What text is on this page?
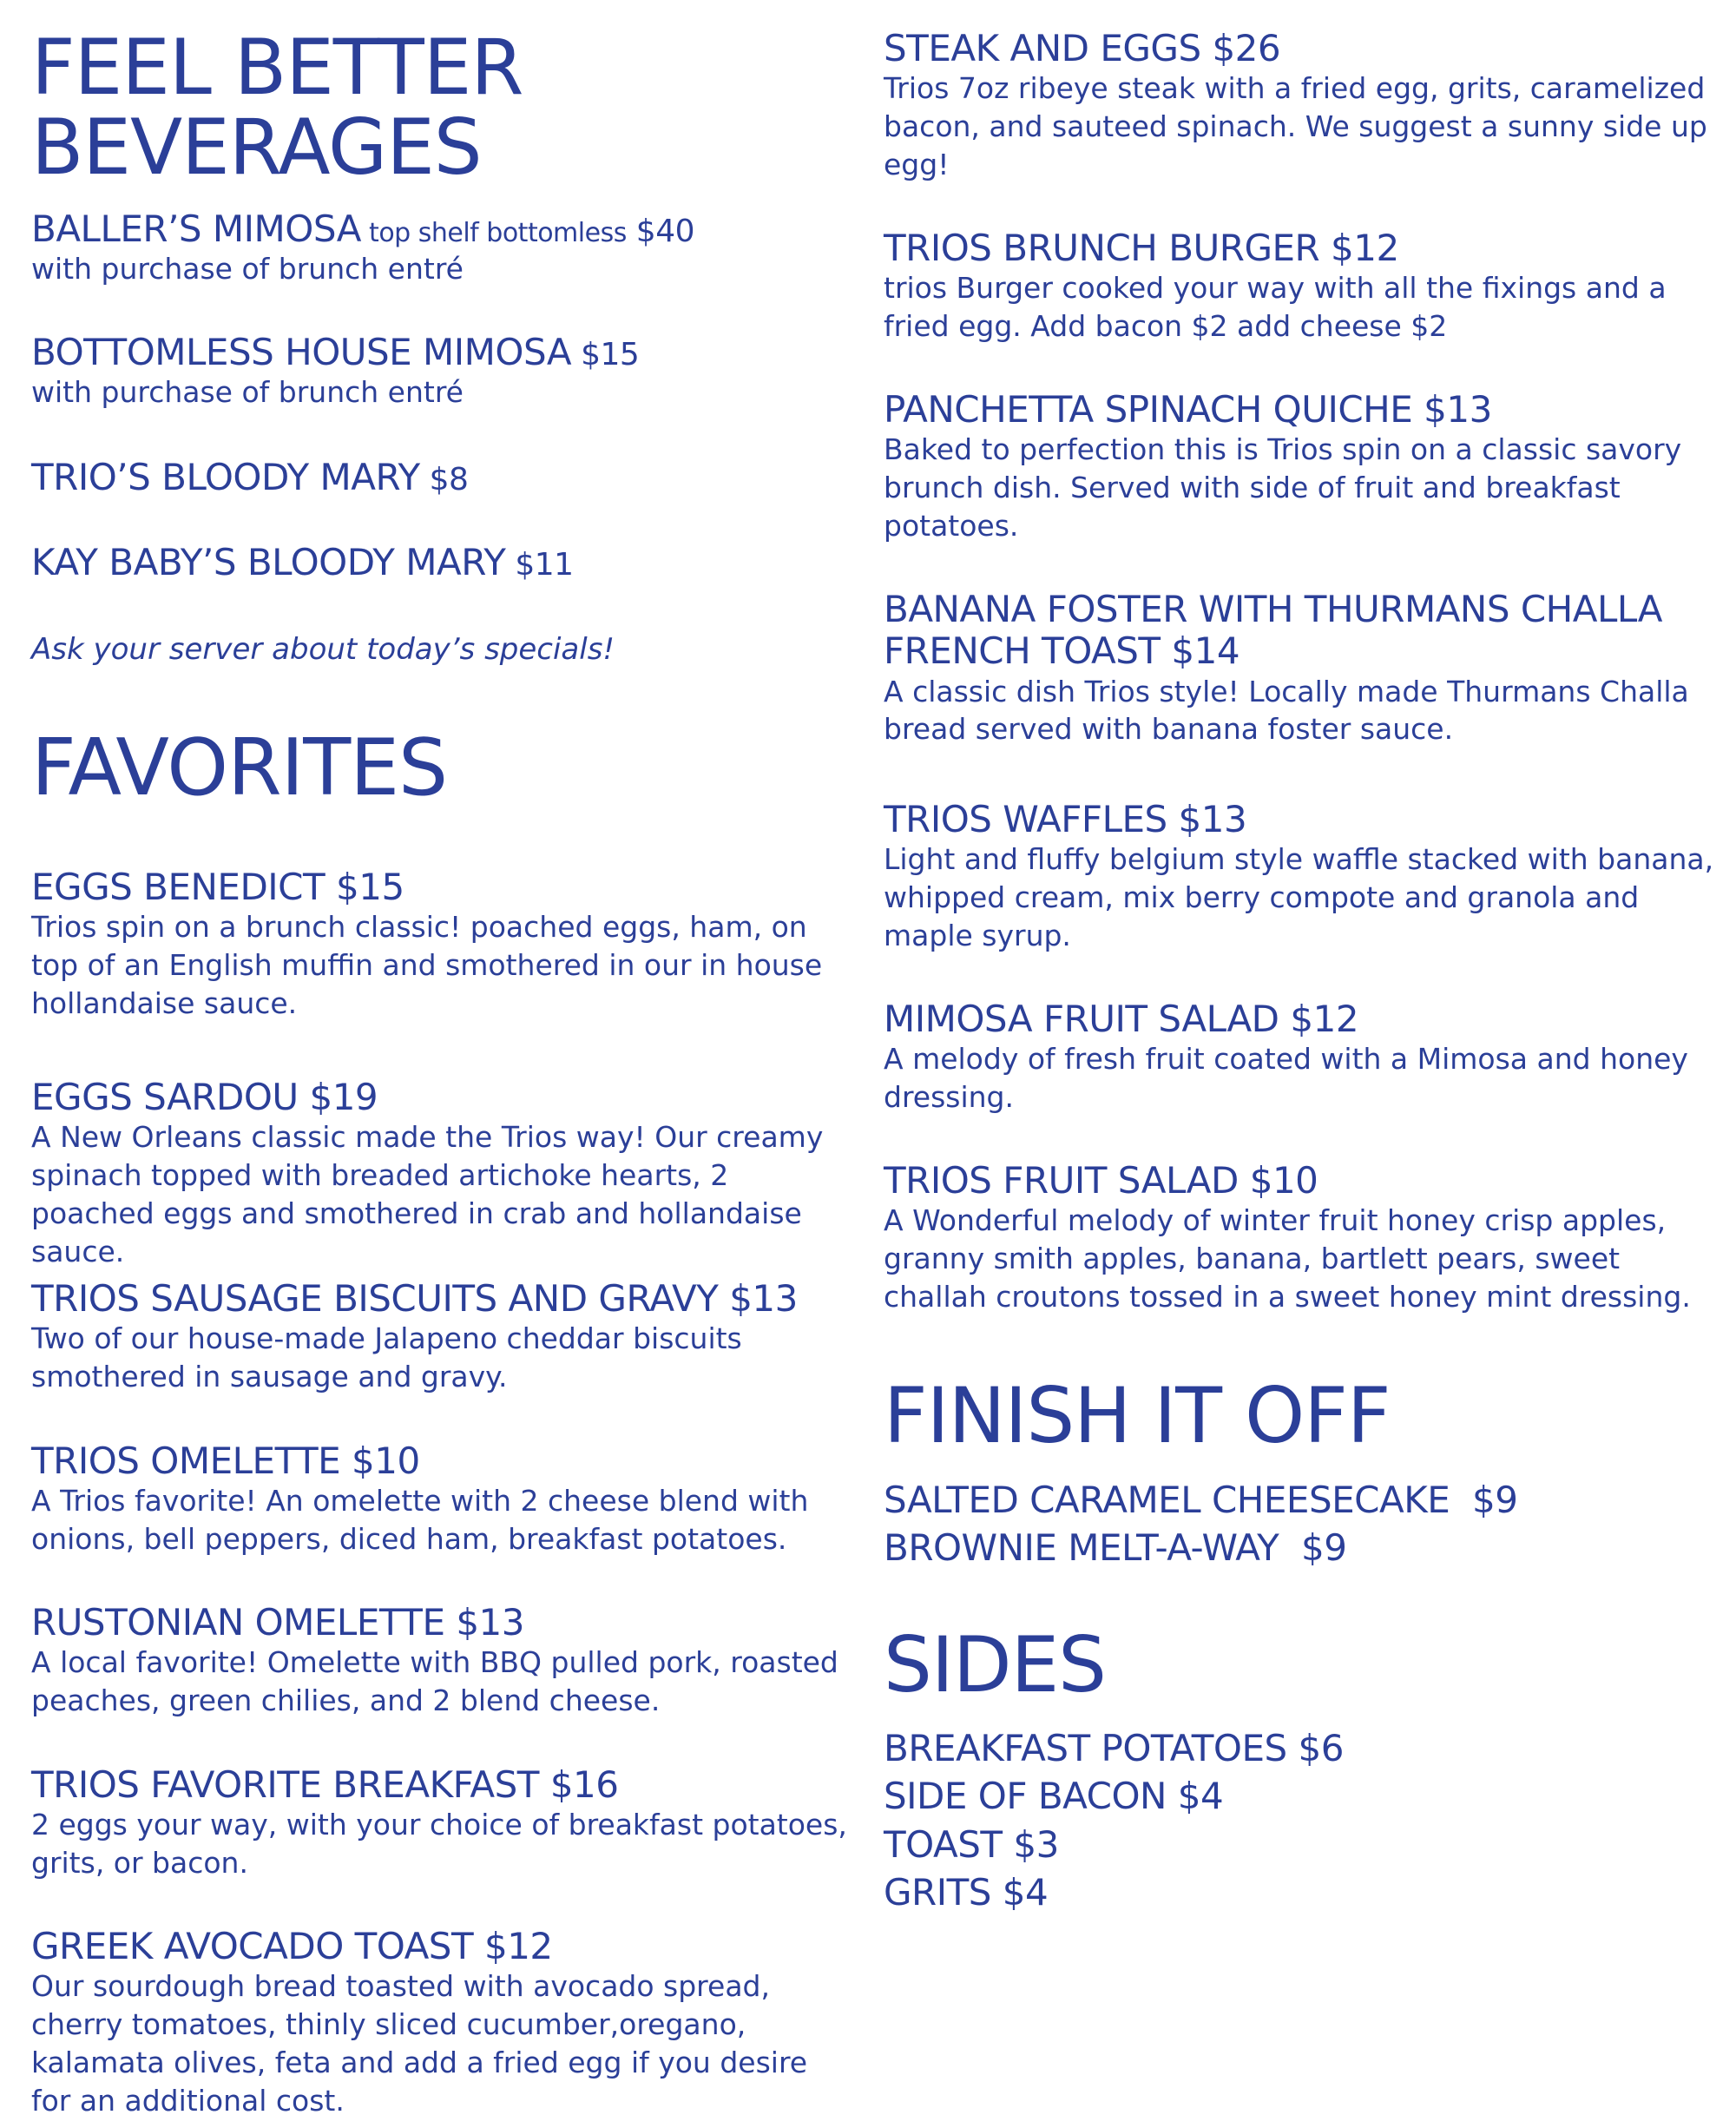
FEEL BETTER BEVERAGES
BALLER’S MIMOSA top shelf bottomless $40
with purchase of brunch entré
BOTTOMLESS HOUSE MIMOSA $15
with purchase of brunch entré
TRIO’S BLOODY MARY $8
KAY BABY’S BLOODY MARY $11
Ask your server about today’s specials!
FAVORITES
EGGS BENEDICT $15
Trios spin on a brunch classic! poached eggs, ham, on top of an English muffin and smothered in our in house hollandaise sauce.
EGGS SARDOU $19
A New Orleans classic made the Trios way! Our creamy spinach topped with breaded artichoke hearts, 2 poached eggs and smothered in crab and hollandaise sauce.
TRIOS SAUSAGE BISCUITS AND GRAVY $13
Two of our house-made Jalapeno cheddar biscuits smothered in sausage and gravy.
TRIOS OMELETTE $10
A Trios favorite! An omelette with 2 cheese blend with onions, bell peppers, diced ham, breakfast potatoes.
RUSTONIAN OMELETTE $13
A local favorite! Omelette with BBQ pulled pork, roasted peaches, green chilies, and 2 blend cheese.
TRIOS FAVORITE BREAKFAST $16
2 eggs your way, with your choice of breakfast potatoes, grits, or bacon.
GREEK AVOCADO TOAST $12
Our sourdough bread toasted with avocado spread, cherry tomatoes, thinly sliced cucumber,oregano, kalamata olives, feta and add a fried egg if you desire for an additional cost.
STEAK AND EGGS $26
Trios 7oz ribeye steak with a fried egg, grits, caramelized bacon, and sauteed spinach. We suggest a sunny side up egg!
TRIOS BRUNCH BURGER $12
trios Burger cooked your way with all the fixings and a fried egg. Add bacon $2 add cheese $2
PANCHETTA SPINACH QUICHE $13
Baked to perfection this is Trios spin on a classic savory brunch dish. Served with side of fruit and breakfast potatoes.
BANANA FOSTER WITH THURMANS CHALLA FRENCH TOAST $14
A classic dish Trios style! Locally made Thurmans Challa bread served with banana foster sauce.
TRIOS WAFFLES $13
Light and fluffy belgium style waffle stacked with banana, whipped cream, mix berry compote and granola and maple syrup.
MIMOSA FRUIT SALAD $12
A melody of fresh fruit coated with a Mimosa and honey dressing.
TRIOS FRUIT SALAD $10
A Wonderful melody of winter fruit honey crisp apples, granny smith apples, banana, bartlett pears, sweet challah croutons tossed in a sweet honey mint dressing.
FINISH IT OFF
SALTED CARAMEL CHEESECAKE  $9
BROWNIE MELT-A-WAY  $9
SIDES
BREAKFAST POTATOES $6
SIDE OF BACON $4
TOAST $3
GRITS $4
